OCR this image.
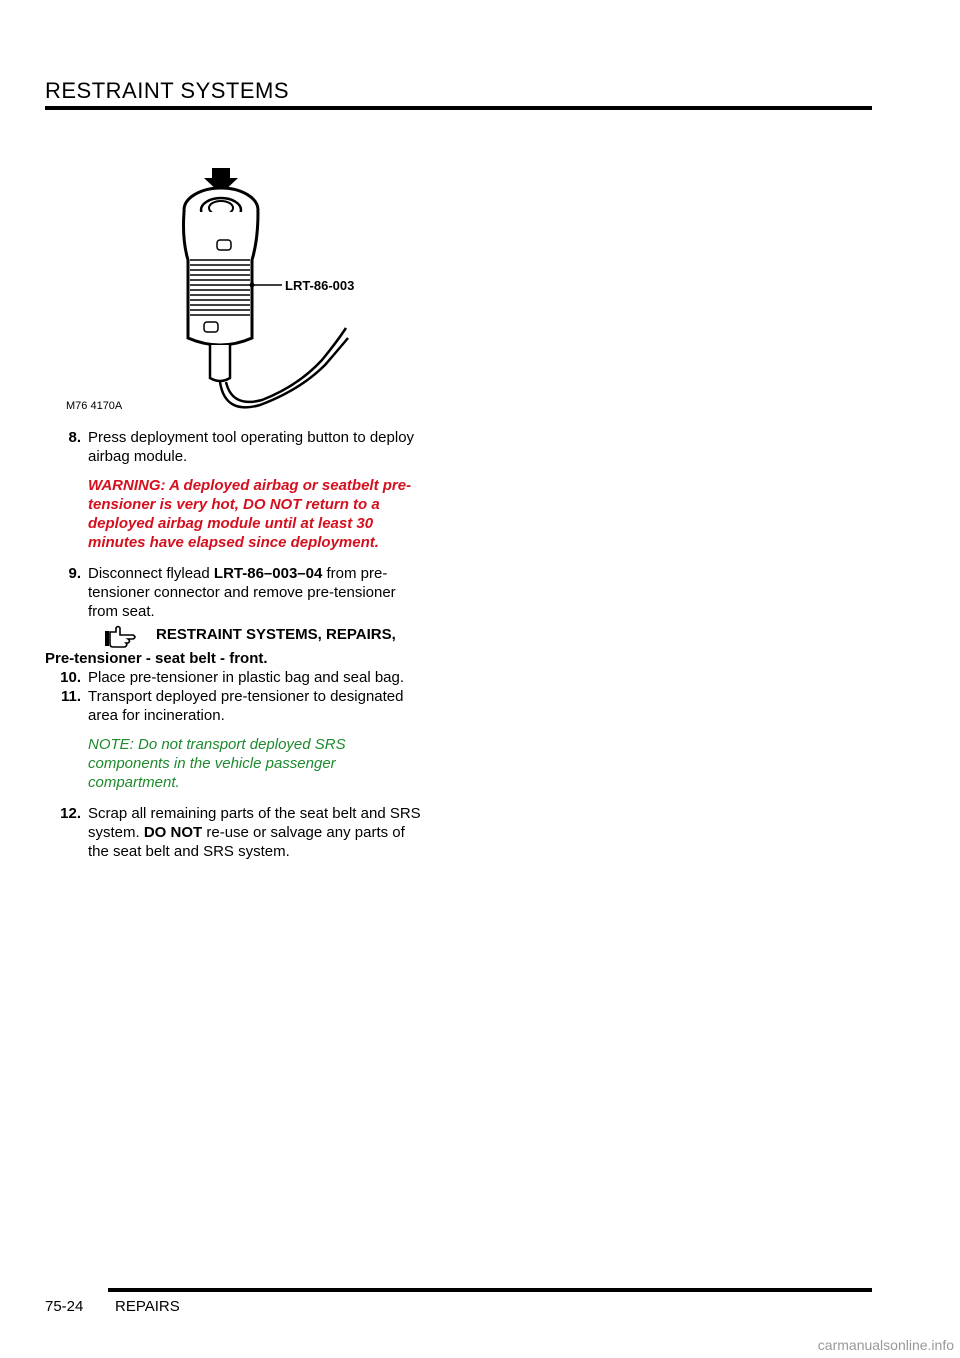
RESTRAINT SYSTEMS
M76 4170A
LRT-86-003
8. Press deployment tool operating button to deploy airbag module.
WARNING: A deployed airbag or seatbelt pre-tensioner is very hot, DO NOT return to a deployed airbag module until at least 30 minutes have elapsed since deployment.
9. Disconnect flylead LRT-86–003–04 from pre-tensioner connector and remove pre-tensioner from seat.
RESTRAINT SYSTEMS, REPAIRS,
Pre-tensioner - seat belt - front.
10. Place pre-tensioner in plastic bag and seal bag.
11. Transport deployed pre-tensioner to designated area for incineration.
NOTE: Do not transport deployed SRS components in the vehicle passenger compartment.
12. Scrap all remaining parts of the seat belt and SRS system. DO NOT re-use or salvage any parts of the seat belt and SRS system.
75-24 REPAIRS
carmanualsonline.info
